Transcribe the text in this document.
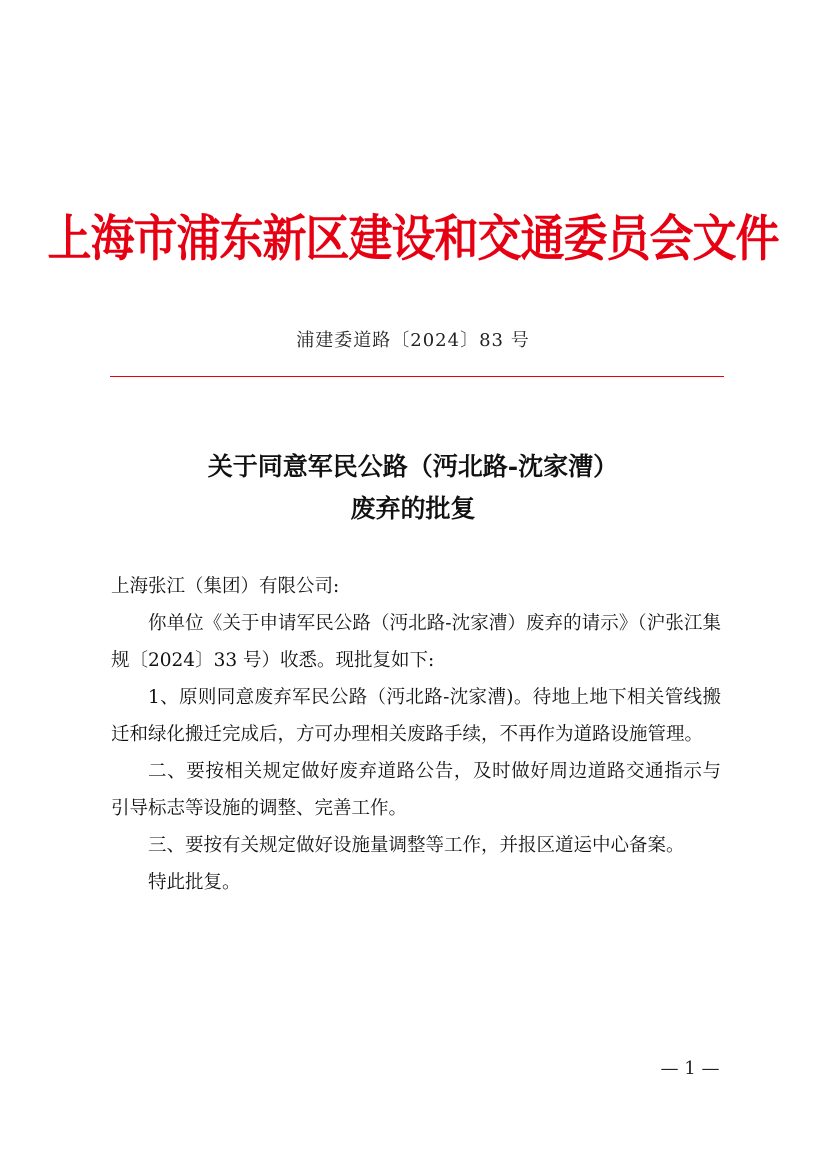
上海市浦东新区建设和交通委员会文件
浦建委道路〔2024〕83 号
关于同意军民公路（沔北路-沈家漕）
废弃的批复

上海张江（集团）有限公司:

你单位《关于申请军民公路（沔北路-沈家漕）废弃的请示》（沪张江集规〔2024〕33 号）收悉。现批复如下:

1、原则同意废弃军民公路（沔北路-沈家漕)。待地上地下相关管线搬迁和绿化搬迁完成后，方可办理相关废路手续，不再作为道路设施管理。

二、要按相关规定做好废弃道路公告，及时做好周边道路交通指示与引导标志等设施的调整、完善工作。

三、要按有关规定做好设施量调整等工作，并报区道运中心备案。

特此批复。

— 1 —
